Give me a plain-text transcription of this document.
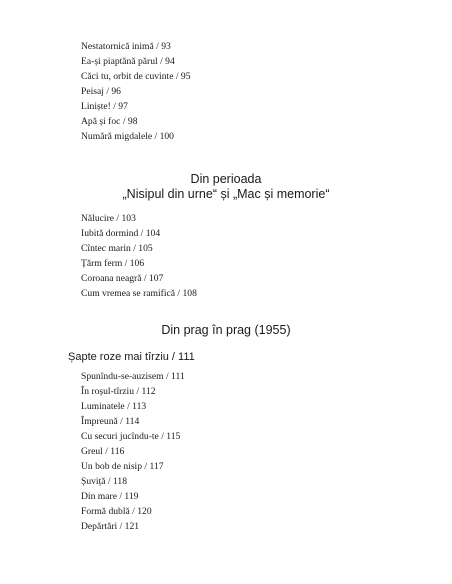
Nestatornică inimă / 93
Ea-și piaptănă părul / 94
Căci tu, orbit de cuvinte / 95
Peisaj / 96
Liniște! / 97
Apă și foc / 98
Numără migdalele / 100
Din perioada
„Nisipul din urne“ și „Mac și memorie“
Nălucire / 103
Iubită dormind / 104
Cîntec marin / 105
Țărm ferm / 106
Coroana neagră / 107
Cum vremea se ramifică / 108
Din prag în prag (1955)
Șapte roze mai tîrziu / 111
Spunîndu-se-auzisem / 111
În roșul-tîrziu / 112
Luminatele / 113
Împreună / 114
Cu securi jucîndu-te / 115
Greul / 116
Un bob de nisip / 117
Șuviță / 118
Din mare / 119
Formă dublă / 120
Depărtări / 121
